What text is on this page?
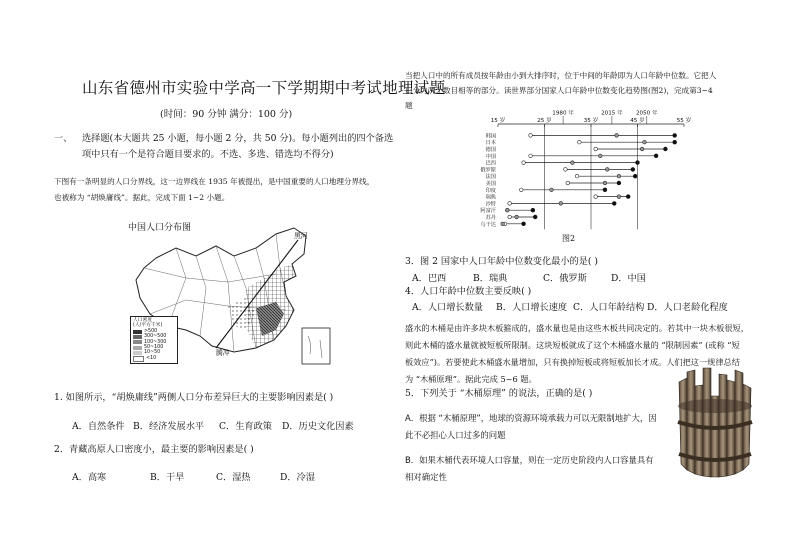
山东省德州市实验中学高一下学期期中考试地理试题
(时间：90 分钟 满分：100 分)
一、 选择题(本大题共 25 小题，每小题 2 分，共 50 分)。每小题列出的四个备选
项中只有一个是符合题目要求的。不选、多选、错选均不得分)
下图有一条明显的人口分界线，这一边界线在 1935 年被提出，是中国重要的人口地理分界线，
也被称为 “胡焕庸线”。据此，完成下面 1~2 小题。
中国人口分布图
黑河
腾冲
人口密度
(人/平方千米)
>500
300~500
100~300
50~100
10~50
<10
1. 如图所示，“胡焕庸线”两侧人口分布差异巨大的主要影响因素是( )
A．自然条件 B．经济发展水平 C．生育政策 D．历史文化因素
2．青藏高原人口密度小，最主要的影响因素是( )
A．高寒	B．干旱	C．湿热	D．冷湿
当把人口中的所有成员按年龄由小到大排序时，位于中间的年龄即为人口年龄中位数。它把人
口分为两个数目相等的部分。读世界部分国家人口年龄中位数变化趋势图(图2)，完成第3~4
题
15 岁	25 岁	35 岁	45 岁	55 岁
1980 年	2015 年 2050 年
韩国
日本
德国
中国
巴西
俄罗斯
法国
美国
印度
瑞典
沙特
阿富汗
苏丹
乌干达
图2
3．图 2 国家中人口年龄中位数变化最小的是( )
A．巴西	B．瑞典	C．俄罗斯	D．中国
4．人口年龄中位数主要反映( )
A．人口增长数量 B．人口增长速度 C．人口年龄结构 D．人口老龄化程度
盛水的木桶是由许多块木板箍成的，盛水量也是由这些木板共同决定的。若其中一块木板很短，
则此木桶的盛水量就被短板所限制。这块短板就成了这个木桶盛水量的 “限制因素” (或称 “短
板效应”)。若要使此木桶盛水量增加，只有换掉短板或将短板加长才成。人们把这一规律总结
为 “木桶原理”。据此完成 5~6 题。
5．下列关于 “木桶原理” 的说法，正确的是( )
A．根据 “木桶原理”，地球的资源环境承载力可以无限制地扩大，因
此不必担心人口过多的问题
B．如果木桶代表环境人口容量，则在一定历史阶段内人口容量具有
相对确定性
